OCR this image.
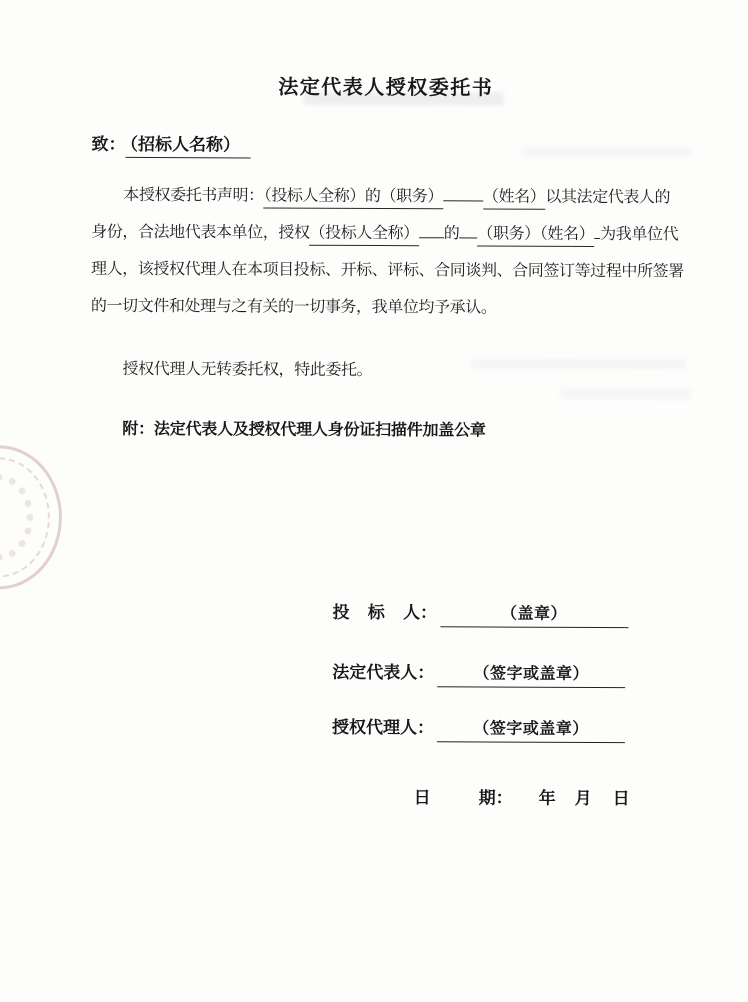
法定代表人授权委托书
致： （招标人名称）
本授权委托书声明：（投标人全称）的（职务） （姓名）以其法定代表人的
身份，合法地代表本单位，授权（投标人全称） 的 （职务）（姓名） 为我单位代
理人，该授权代理人在本项目投标、开标、评标、合同谈判、合同签订等过程中所签署
的一切文件和处理与之有关的一切事务，我单位均予承认。
授权代理人无转委托权，特此委托。
附：法定代表人及授权代理人身份证扫描件加盖公章
投 标 人：	（盖章）
法定代表人： （签字或盖章）
授权代理人： （签字或盖章）
日	期： 年 月 日
